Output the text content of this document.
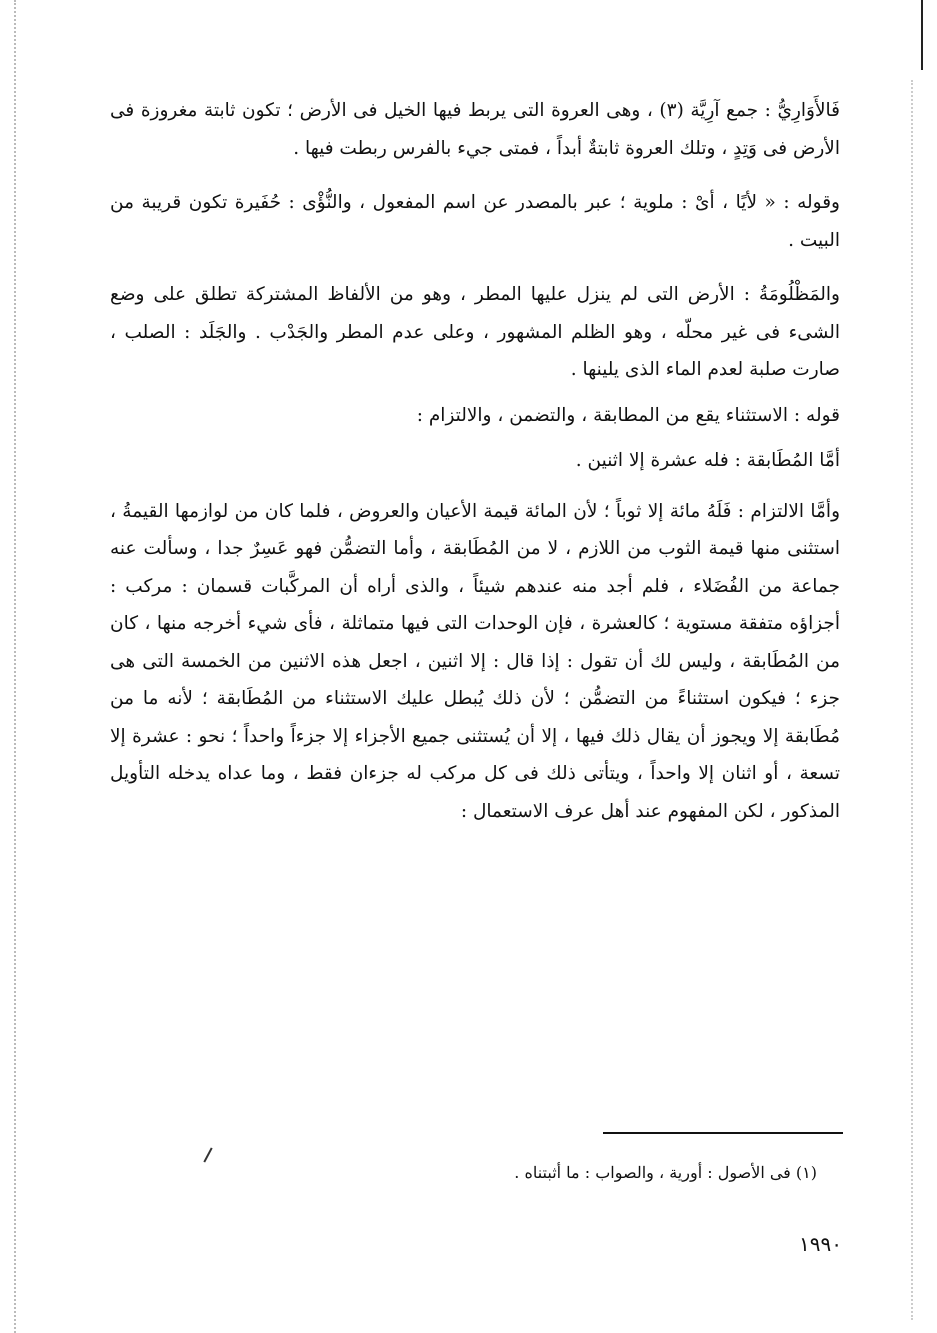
فَالأَوَارِيُّ : جمع آرِيَّة (٣) ، وهى العروة التى يربط فيها الخيل فى الأرض ؛ تكون ثابتة مغروزة فى الأرض فى وَتِدٍ ، وتلك العروة ثابتةٌ أبداً ، فمتى جيء بالفرس ربطت فيها .

وقوله : « لأيًا ، أىْ : ملوية ؛ عبر بالمصدر عن اسم المفعول ، والنُّؤْى : حُفَيرة تكون قريبة من البيت .

والمَظْلُومَةُ : الأرض التى لم ينزل عليها المطر ، وهو من الألفاظ المشتركة تطلق على وضع الشىء فى غير محلّه ، وهو الظلم المشهور ، وعلى عدم المطر والجَدْب . والجَلَد : الصلب ، صارت صلبة لعدم الماء الذى يلينها .

قوله : الاستثناء يقع من المطابقة ، والتضمن ، والالتزام :

أمَّا المُطَابقة : فله عشرة إلا اثنين .

وأمَّا الالتزام : فَلَهُ مائة إلا ثوباً ؛ لأن المائة قيمة الأعيان والعروض ، فلما كان من لوازمها القيمةُ ، استثنى منها قيمة الثوب من اللازم ، لا من المُطَابقة ، وأما التضمُّن فهو عَسِرٌ جدا ، وسألت عنه جماعة من الفُضَلاء ، فلم أجد منه عندهم شيئاً ، والذى أراه أن المركَّبات قسمان : مركب : أجزاؤه متفقة مستوية ؛ كالعشرة ، فإن الوحدات التى فيها متماثلة ، فأى شيء أخرجه منها ، كان من المُطَابقة ، وليس لك أن تقول : إذا قال : إلا اثنين ، اجعل هذه الاثنين من الخمسة التى هى جزء ؛ فيكون استثناءً من التضمُّن ؛ لأن ذلك يُبطل عليك الاستثناء من المُطَابقة ؛ لأنه ما من مُطَابقة إلا ويجوز أن يقال ذلك فيها ، إلا أن يُستثنى جميع الأجزاء إلا جزءاً واحداً ؛ نحو : عشرة إلا تسعة ، أو اثنان إلا واحداً ، ويتأتى ذلك فى كل مركب له جزءان فقط ، وما عداه يدخله التأويل المذكور ، لكن المفهوم عند أهل عرف الاستعمال :

(١) فى الأصول : أورية ، والصواب : ما أثبتناه .
١٩٩٠
